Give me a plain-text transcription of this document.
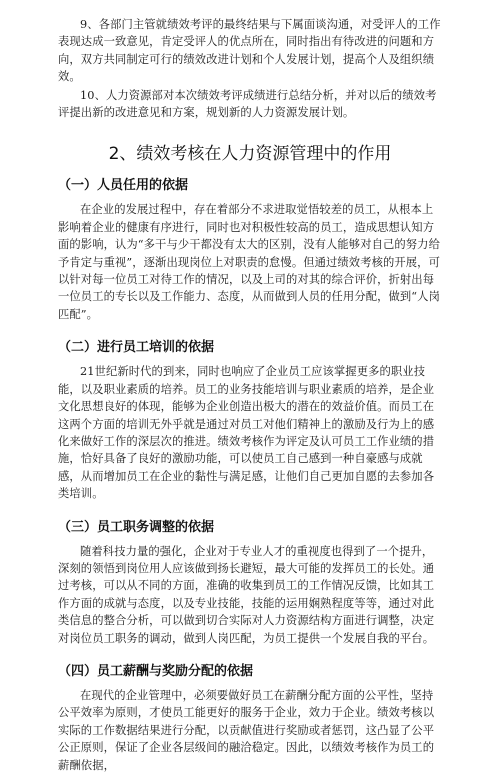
9、各部门主管就绩效考评的最终结果与下属面谈沟通，对受评人的工作表现达成一致意见，肯定受评人的优点所在，同时指出有待改进的问题和方向，双方共同制定可行的绩效改进计划和个人发展计划，提高个人及组织绩效。

10、人力资源部对本次绩效考评成绩进行总结分析，并对以后的绩效考评提出新的改进意见和方案，规划新的人力资源发展计划。

2、绩效考核在人力资源管理中的作用
（一）人员任用的依据

在企业的发展过程中，存在着部分不求进取觉悟较差的员工，从根本上影响着企业的健康有序进行，同时也对积极性较高的员工，造成思想认知方面的影响，认为“多干与少干都没有太大的区别，没有人能够对自己的努力给予肯定与重视”，逐渐出现岗位上对职责的怠慢。但通过绩效考核的开展，可以针对每一位员工对待工作的情况，以及上司的对其的综合评价，折射出每一位员工的专长以及工作能力、态度，从而做到人员的任用分配，做到“人岗匹配”。

（二）进行员工培训的依据

21世纪新时代的到来，同时也响应了企业员工应该掌握更多的职业技能，以及职业素质的培养。员工的业务技能培训与职业素质的培养，是企业文化思想良好的体现，能够为企业创造出极大的潜在的效益价值。而员工在这两个方面的培训无外乎就是通过对员工对他们精神上的激励及行为上的感化来做好工作的深层次的推进。绩效考核作为评定及认可员工工作业绩的措施，恰好具备了良好的激励功能，可以使员工自己感到一种自豪感与成就感，从而增加员工在企业的黏性与满足感，让他们自己更加自愿的去参加各类培训。

（三）员工职务调整的依据

随着科技力量的强化，企业对于专业人才的重视度也得到了一个提升，深刻的领悟到岗位用人应该做到扬长避短，最大可能的发挥员工的长处。通过考核，可以从不同的方面，准确的收集到员工的工作情况反馈，比如其工作方面的成就与态度，以及专业技能，技能的运用娴熟程度等等，通过对此类信息的整合分析，可以做到切合实际对人力资源结构方面进行调整，决定对岗位员工职务的调动，做到人岗匹配，为员工提供一个发展自我的平台。

（四）员工薪酬与奖励分配的依据

在现代的企业管理中，必须要做好员工在薪酬分配方面的公平性，坚持公平效率为原则，才使员工能更好的服务于企业，效力于企业。绩效考核以实际的工作数据结果进行分配，以贡献值进行奖励或者惩罚，这凸显了公平公正原则，保证了企业各层级间的融洽稳定。因此，以绩效考核作为员工的薪酬依据，
